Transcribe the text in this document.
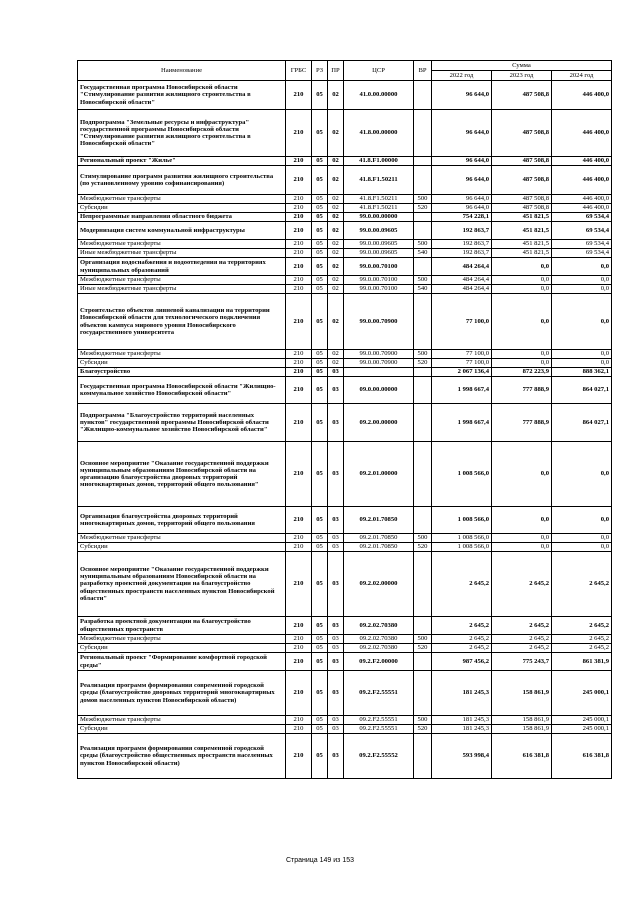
Наименование	ГРБС	РЗ	ПР	ЦСР	ВР	Сумма		
						2022 год	2023 год	2024 год
Государственная программа Новосибирской области "Стимулирование развития жилищного строительства в Новосибирской области"	210	05	02	41.0.00.00000		96 644,0	487 508,8	446 400,0
Подпрограмма "Земельные ресурсы и инфраструктура" государственной программы Новосибирской области "Стимулирование развития жилищного строительства в Новосибирской области"	210	05	02	41.8.00.00000		96 644,0	487 508,8	446 400,0
Региональный проект "Жилье"	210	05	02	41.8.F1.00000		96 644,0	487 508,8	446 400,0
Стимулирование программ развития жилищного строительства (по установленному уровню софинансирования)	210	05	02	41.8.F1.50211		96 644,0	487 508,8	446 400,0
Межбюджетные трансферты	210	05	02	41.8.F1.50211	500	96 644,0	487 508,8	446 400,0
Субсидии	210	05	02	41.8.F1.50211	520	96 644,0	487 508,8	446 400,0
Непрограммные направления областного бюджета	210	05	02	99.0.00.00000		754 228,1	451 821,5	69 534,4
Модернизация систем коммунальной инфраструктуры	210	05	02	99.0.00.09605		192 863,7	451 821,5	69 534,4
Межбюджетные трансферты	210	05	02	99.0.00.09605	500	192 863,7	451 821,5	69 534,4
Иные межбюджетные трансферты	210	05	02	99.0.00.09605	540	192 863,7	451 821,5	69 534,4
Организация водоснабжения и водоотведения на территориях муниципальных образований	210	05	02	99.0.00.70100		484 264,4	0,0	0,0
Межбюджетные трансферты	210	05	02	99.0.00.70100	500	484 264,4	0,0	0,0
Иные межбюджетные трансферты	210	05	02	99.0.00.70100	540	484 264,4	0,0	0,0
Строительство объектов ливневой канализации на территории Новосибирской области для технологического подключения объектов кампуса мирового уровня Новосибирского государственного университета	210	05	02	99.0.00.70900		77 100,0	0,0	0,0
Межбюджетные трансферты	210	05	02	99.0.00.70900	500	77 100,0	0,0	0,0
Субсидии	210	05	02	99.0.00.70900	520	77 100,0	0,0	0,0
Благоустройство	210	05	03			2 067 136,4	872 223,9	888 362,1
Государственная программа Новосибирской области "Жилищно-коммунальное хозяйство Новосибирской области"	210	05	03	09.0.00.00000		1 998 667,4	777 888,9	864 027,1
Подпрограмма "Благоустройство территорий населенных пунктов" государственной программы Новосибирской области "Жилищно-коммунальное хозяйство Новосибирской области"	210	05	03	09.2.00.00000		1 998 667,4	777 888,9	864 027,1
Основное мероприятие "Оказание государственной поддержки муниципальным образованиям Новосибирской области на организацию благоустройства дворовых территорий многоквартирных домов, территорий общего пользования"	210	05	03	09.2.01.00000		1 008 566,0	0,0	0,0
Организация благоустройства дворовых территорий многоквартирных домов, территорий общего пользования	210	05	03	09.2.01.70850		1 008 566,0	0,0	0,0
Межбюджетные трансферты	210	05	03	09.2.01.70850	500	1 008 566,0	0,0	0,0
Субсидии	210	05	03	09.2.01.70850	520	1 008 566,0	0,0	0,0
Основное мероприятие "Оказание государственной поддержки муниципальным образованиям Новосибирской области на разработку проектной документации на благоустройство общественных пространств населенных пунктов Новосибирской области"	210	05	03	09.2.02.00000		2 645,2	2 645,2	2 645,2
Разработка проектной документации на благоустройство общественных пространств	210	05	03	09.2.02.70380		2 645,2	2 645,2	2 645,2
Межбюджетные трансферты	210	05	03	09.2.02.70380	500	2 645,2	2 645,2	2 645,2
Субсидии	210	05	03	09.2.02.70380	520	2 645,2	2 645,2	2 645,2
Региональный проект "Формирование комфортной городской среды"	210	05	03	09.2.F2.00000		987 456,2	775 243,7	861 381,9
Реализация программ формирования современной городской среды (благоустройство дворовых территорий многоквартирных домов населенных пунктов Новосибирской области)	210	05	03	09.2.F2.55551		181 245,3	158 861,9	245 000,1
Межбюджетные трансферты	210	05	03	09.2.F2.55551	500	181 245,3	158 861,9	245 000,1
Субсидии	210	05	03	09.2.F2.55551	520	181 245,3	158 861,9	245 000,1
Реализация программ формирования современной городской среды (благоустройство общественных пространств населенных пунктов Новосибирской области)	210	05	03	09.2.F2.55552		593 998,4	616 381,8	616 381,8
Страница 149 из 153
